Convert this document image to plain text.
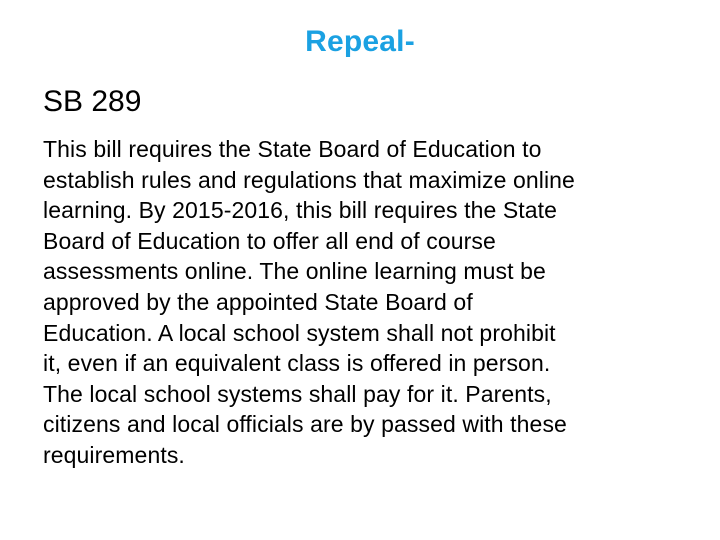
Repeal-
SB 289
This bill requires the State Board of Education to
establish rules and regulations that maximize online
learning. By 2015-2016, this bill requires the State
Board of Education to offer all end of course
assessments online. The online learning must be
approved by the appointed State Board of
Education. A local school system shall not prohibit
it, even if an equivalent class is offered in person.
The local school systems shall pay for it. Parents,
citizens and local officials are by passed with these
requirements.
